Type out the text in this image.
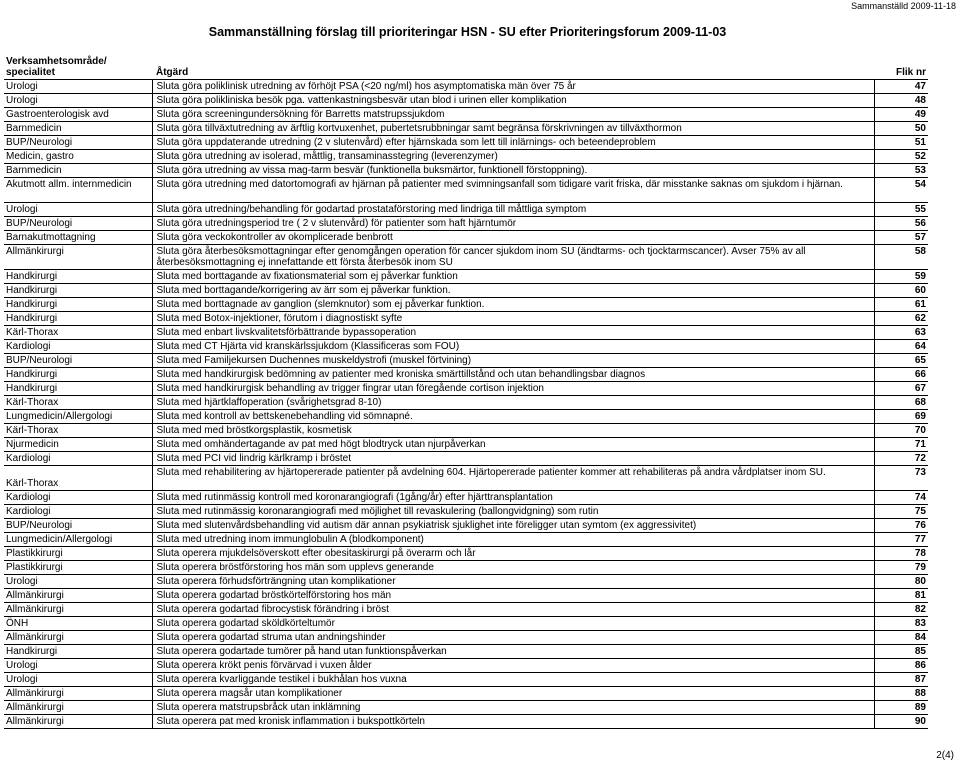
Sammanställd 2009-11-18
Sammanställning förslag till prioriteringar HSN - SU efter Prioriteringsforum 2009-11-03
Verksamhetsområde/
specialitet	Åtgärd	Flik nr
Urologi	Sluta göra poliklinisk utredning av förhöjt PSA (<20 ng/ml) hos asymptomatiska män över 75 år	47
Urologi	Sluta göra polikliniska besök pga. vattenkastningsbesvär utan blod i urinen eller komplikation	48
Gastroenterologisk avd	Sluta göra screeningundersökning för Barretts matstrupssjukdom	49
Barnmedicin	Sluta göra tillväxtutredning av ärftlig kortvuxenhet, pubertetsrubbningar samt begränsa förskrivningen av tillväxthormon	50
BUP/Neurologi	Sluta göra uppdaterande utredning (2 v slutenvård) efter hjärnskada som lett till inlärnings- och beteendeproblem	51
Medicin, gastro	Sluta göra utredning av isolerad, måttlig, transaminasstegring (leverenzymer)	52
Barnmedicin	Sluta göra utredning av vissa mag-tarm besvär (funktionella buksmärtor, funktionell förstoppning).	53
Akutmott allm. internmedicin	Sluta göra utredning med datortomografi av hjärnan på patienter med svimningsanfall som tidigare varit friska, där misstanke saknas om sjukdom i hjärnan.	54
Urologi	Sluta göra utredning/behandling för godartad prostataförstoring med lindriga till måttliga symptom	55
BUP/Neurologi	Sluta göra utredningsperiod tre ( 2 v slutenvård) för patienter som haft hjärntumör	56
Barnakutmottagning	Sluta göra veckokontroller av okomplicerade benbrott	57
Allmänkirurgi	Sluta göra återbesöksmottagningar efter genomgången operation för cancer sjukdom inom SU (ändtarms- och tjocktarmscancer). Avser 75% av all återbesöksmottagning ej innefattande ett första återbesök inom SU	58
Handkirurgi	Sluta med borttagande av fixationsmaterial som ej påverkar funktion	59
Handkirurgi	Sluta med borttagande/korrigering av ärr som ej påverkar funktion.	60
Handkirurgi	Sluta med borttagnade av ganglion (slemknutor) som ej påverkar funktion.	61
Handkirurgi	Sluta med Botox-injektioner, förutom i diagnostiskt syfte	62
Kärl-Thorax	Sluta med enbart livskvalitetsförbättrande bypassoperation	63
Kardiologi	Sluta med CT Hjärta vid kranskärlssjukdom (Klassificeras som FOU)	64
BUP/Neurologi	Sluta med Familjekursen Duchennes muskeldystrofi (muskel förtvining)	65
Handkirurgi	Sluta med handkirurgisk bedömning av patienter med kroniska smärttillstånd och utan behandlingsbar diagnos	66
Handkirurgi	Sluta med handkirurgisk behandling av trigger fingrar utan föregående cortison injektion	67
Kärl-Thorax	Sluta med hjärtklaffoperation (svårighetsgrad 8-10)	68
Lungmedicin/Allergologi	Sluta med kontroll av bettskenebehandling vid sömnapné.	69
Kärl-Thorax	Sluta med med bröstkorgsplastik, kosmetisk	70
Njurmedicin	Sluta med omhändertagande av pat med högt blodtryck utan njurpåverkan	71
Kardiologi	Sluta med PCI vid lindrig kärlkramp i bröstet	72
Kärl-Thorax	Sluta med rehabilitering av hjärtopererade patienter på avdelning 604. Hjärtopererade patienter kommer att rehabiliteras på andra vårdplatser inom SU.	73
Kardiologi	Sluta med rutinmässig kontroll med koronarangiografi (1gång/år) efter hjärttransplantation	74
Kardiologi	Sluta med rutinmässig koronarangiografi med möjlighet till revaskulering (ballongvidgning) som rutin	75
BUP/Neurologi	Sluta med slutenvårdsbehandling vid autism där annan psykiatrisk sjuklighet inte föreligger utan symtom (ex aggressivitet)	76
Lungmedicin/Allergologi	Sluta med utredning inom immunglobulin A (blodkomponent)	77
Plastikkirurgi	Sluta operera mjukdelsöverskott efter obesitaskirurgi på överarm och lår	78
Plastikkirurgi	Sluta operera bröstförstoring hos män som upplevs generande	79
Urologi	Sluta operera förhudsförträngning utan komplikationer	80
Allmänkirurgi	Sluta operera godartad bröstkörtelförstoring hos män	81
Allmänkirurgi	Sluta operera godartad fibrocystisk förändring i bröst	82
ÖNH	Sluta operera godartad sköldkörteltumör	83
Allmänkirurgi	Sluta operera godartad struma utan andningshinder	84
Handkirurgi	Sluta operera godartade tumörer på hand utan funktionspåverkan	85
Urologi	Sluta operera krökt penis förvärvad i vuxen ålder	86
Urologi	Sluta operera kvarliggande testikel i bukhålan hos vuxna	87
Allmänkirurgi	Sluta operera magsår utan komplikationer	88
Allmänkirurgi	Sluta operera matstrupsbråck utan inklämning	89
Allmänkirurgi	Sluta operera pat med kronisk inflammation i bukspottkörteln	90
2(4)
